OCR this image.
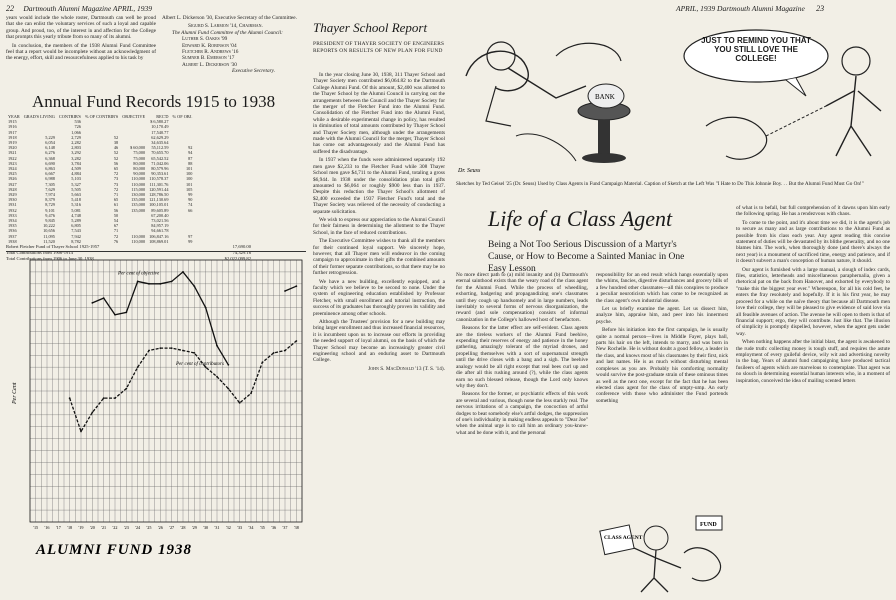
22 Dartmouth Alumni Magazine APRIL, 1939

years would include the whole roster, Dartmouth can well be proud that she can enlist the voluntary services of such a loyal and capable group. And proud, too, of the interest in and affection for the College that prompts this yearly tribute from so many of its alumni.

In conclusion, the members of the 1938 Alumni Fund Committee feel that a report would be incomplete without an acknowledgment of the energy, effort, skill and resourcefulness applied to his task by

Albert L. Dickerson '30, Executive Secretary of the Committee.

Sigurd S. Larmon '14, Chairman.
The Alumni Fund Committee of the Alumni Council:
Luther S. Oakes '99
Edward K. Robinson '04
Fletcher R. Andrews '16
Sumner B. Emerson '17
Albert L. Dickerson '30
Executive Secretary.
Annual Fund Records 1915 to 1938
YEAR	GRAD'S LIVING	CONTRIB'S	% OF CONTRIB'S	OBJECTIVE	REC'D	% OF OBJ.
1915		536			$ 6,580.27	
1916		726			10,170.49	
1917		1,066			17,540.77	
1918	5,229	2,729	52		62,629.29	
1919	6,054	2,282	38		34,635.64	
1920	6,148	2,803	46	$ 60,000	55,112.59	92
1921	6,276	3,292	52	75,000	70,655.70	94
1922	6,368	3,282	52	75,000	65,542.52	87
1923	6,690	3,784	56	80,000	71,042.06	88
1924	6,863	4,509	65	80,000	80,579.96	101
1925	6,667	4,884	72	90,000	90,353.61	100
1926	6,988	5,103	73	110,000	110,578.37	100
1927	7,305	5,327	73	110,000	111,301.76	101
1928	7,629	5,505	72	115,000	120,591.44	105
1929	7,974	5,663	71	130,000	128,786.50	99
1930	8,379	5,418	65	135,000	121,130.69	90
1931	8,729	5,316	61	135,000	100,105.01	74
1932	9,101	5,081	56	135,000	89,605.89	66
1933	9,476	4,748	50		67,200.40	
1934	9,845	5,289	54		73,021.56	
1935	10,222	6,805	67		84,957.19	
1936	10,656	7,543	71		94,661.78	
1937	11,095	7,942	72	110,000	106,847.16	97
1938	11,520	8,782	76	110,000	108,869.01	99
Robert Fletcher Fund of Thayer School 1925-1957	17,690.00
Total Contributions from 1906-1914	74,329.16
Total Contributions from 1906 to June 30, 1938	$2,022,099.82
Per Cent
'15 '16 '17 '18 '19 '20 '21 '22 '23 '24 '25 '26 '27 '28 '29 '30 '31 '32 '33 '34 '35 '36 '37 '38
Per cent of objective
Per cent of contributors
ALUMNI FUND 1938
Thayer School Report
PRESIDENT OF THAYER SOCIETY OF ENGINEERS REPORTS ON RESULTS OF NEW PLAN FOR FUND

In the year closing June 30, 1938, 311 Thayer School and Thayer Society men contributed $6,064.82 to the Dartmouth College Alumni Fund. Of this amount, $2,400 was allotted to the Thayer School by the Alumni Council in carrying out the arrangements between the Council and the Thayer Society for the merger of the Fletcher Fund into the Alumni Fund. Consolidation of the Fletcher Fund into the Alumni Fund, while a desirable experimental change in policy, has resulted in diminution of total amounts contributed by Thayer School and Thayer Society men, although under the arrangements made with the Alumni Council for the merger, Thayer School has come out advantageously and the Alumni Fund has suffered the disadvantage.

In 1937 when the funds were administered separately 192 men gave $2,233 to the Fletcher Fund while 308 Thayer School men gave $4,711 to the Alumni Fund, totaling a gross $6,944. In 1938 under the consolidation plan total gifts amounted to $6,064 or roughly $900 less than in 1937. Despite this reduction the Thayer School's allotment of $2,400 exceeded the 1937 Fletcher Fund's total and the Thayer Society was relieved of the necessity of conducting a separate solicitation.

We wish to express our appreciation to the Alumni Council for their fairness in determining the allotment to the Thayer School, in the face of reduced contributions.

The Executive Committee wishes to thank all the members for their continued loyal support. We sincerely hope, however, that all Thayer men will endeavor in the coming campaign to approximate in their gifts the combined amounts of their former separate contributions, so that there may be no further retrogression.

We have a new building, excellently equipped, and a faculty which we believe to be second to none. Under the system of engineering education established by Professor Fletcher, with small enrollment and tutorial instruction, the success of its graduates has thoroughly proven its validity and preeminence among other schools.

Although the Trustees' provision for a new building may bring larger enrollment and thus increased financial resources, it is incumbent upon us to increase our efforts in providing the needed support of loyal alumni, on the basis of which the Thayer School may become an increasingly greater civil engineering school and an enduring asset to Dartmouth College.

John S. MacDonald '13 (T. S. '14).
APRIL, 1939 Dartmouth Alumni Magazine 23
BANK
Dr. Seuss
JUST TO REMIND YOU THAT YOU STILL LOVE THE COLLEGE!
Sketches by Ted Geisel '25 (Dr. Seuss) Used by Class Agents in Fund Campaign Material. Caption of Sketch at the Left Was "I Hate to Do This Johnnie Boy. . . But the Alumni Fund Must Go On!"
Life of a Class Agent
Being a Not Too Serious Discussion of a Martyr's Cause, or How to Become a Sainted Maniac in One Easy Lesson

No more direct path to (a) mild insanity and (b) Dartmouth's eternal sainthood exists than the weary road of the class agent for the Alumni Fund. While the process of wheedling, exhorting, badgering and propagandizing one's classmates until they cough up handsomely and in large numbers, leads inevitably to several forms of nervous disorganization, the reward (and sole compensation) consists of informal canonization in the College's hallowed host of benefactors.

Reasons for the latter effect are self-evident. Class agents are the tireless workers of the Alumni Fund beehive, expending their reserves of energy and patience in the honey gathering, amazingly tolerant of the myriad drones, and propelling themselves with a sort of supernatural strength until the drive closes with a bang and a sigh. The beehive analogy would be all right except that real bees curl up and die after all this rushing around (?), while the class agents earn no such blessed release, though the Lord only knows why they don't.

Reasons for the former, or psychiatric effects of this work are several and various, though none the less starkly real. The nervous irritations of a campaign, the concoction of artful dodges to beat somebody else's artful dodges, the suppression of one's individuality in making endless appeals to "Dear Joe" when the animal urge is to call him an ordinary you-know-what and be done with it, and the personal

responsibility for an end result which hangs essentially upon the whims, fancies, digestive disturbances and grocery bills of a few hundred other classmates—all this conspires to produce a peculiar neuroticism which has come to be recognized as the class agent's own industrial disease.

Let us briefly examine the agent. Let us dissect him, analyze him, appraise him, and peer into his innermost psyche.

Before his initiation into the first campaign, he is usually quite a normal person—lives in Middle Fayer, plays ball, parts his hair on the left, intends to marry, and was born in New Rochelle. He is without doubt a good fellow, a leader in the class, and knows most of his classmates by their first, nick and last names. He is as much without disturbing mental complexes as you are. Probably his comforting normality would survive the post-graduate strain of these ominous times as well as the next one, except for the fact that he has been elected class agent for the class of umpty-ump. An early conference with those who administer the Fund portends something

CLASS AGENT
FUND

of what is to befall, but full comprehension of it dawns upon him early the following spring. He has a rendezvous with chaos.

To come to the point, and it's about time we did, it is the agent's job to secure as many and as large contributions to the Alumni Fund as possible from his class each year. Any agent reading this concise statement of duties will be devastated by its blithe generality, and no one blames him. The work, when thoroughly done (and there's always the next year) is a monument of sacrificed time, energy and patience, and if it doesn't subvert a man's conception of human nature, it should.

Our agent is furnished with a large manual, a slough of index cards, files, statistics, letterheads and miscellaneous paraphernalia, given a rhetorical pat on the back from Hanover, and exhorted by everybody to "make this the biggest year ever." Whereupon, for all his cold feet, he enters the fray resolutely and hopefully. If it is his first year, he may proceed for a while on the naïve theory that because all Dartmouth men love their college, they will be pleased to give evidence of said love via all feasible avenues of action. The avenue he will open to them is that of financial support; ergo, they will contribute. Just like that. The illusion of simplicity is promptly dispelled, however, when the agent gets under way.

When nothing happens after the initial blast, the agent is awakened to the rude truth: collecting money is tough stuff, and requires the astute employment of every guileful device, wily wit and advertising novelty in the bag. Years of alumni fund campaigning have produced tactical fusileers of agents which are marvelous to contemplate. That agent was no slouch in determining essential human interests who, in a moment of inspiration, conceived the idea of mailing scented letters
